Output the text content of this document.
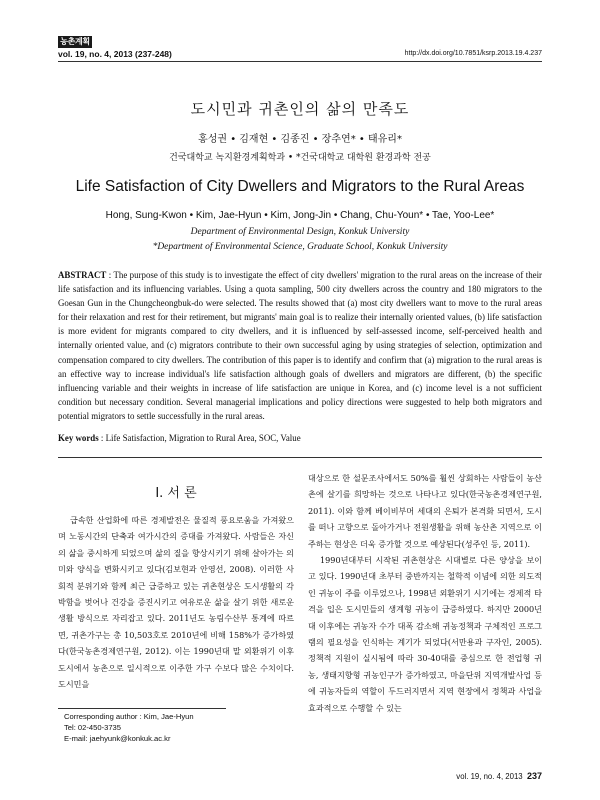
농촌계획
vol. 19, no. 4, 2013 (237-248)	http://dx.doi.org/10.7851/ksrp.2013.19.4.237
도시민과 귀촌인의 삶의 만족도
홍성권 • 김재현 • 김종진 • 장추연* • 태유리*
건국대학교 녹지환경계획학과 • *건국대학교 대학원 환경과학 전공
Life Satisfaction of City Dwellers and Migrators to the Rural Areas
Hong, Sung-Kwon • Kim, Jae-Hyun • Kim, Jong-Jin • Chang, Chu-Youn* • Tae, Yoo-Lee*
Department of Environmental Design, Konkuk University
*Department of Environmental Science, Graduate School, Konkuk University
ABSTRACT : The purpose of this study is to investigate the effect of city dwellers' migration to the rural areas on the increase of their life satisfaction and its influencing variables. Using a quota sampling, 500 city dwellers across the country and 180 migrators to the Goesan Gun in the Chungcheongbuk-do were selected. The results showed that (a) most city dwellers want to move to the rural areas for their relaxation and rest for their retirement, but migrants' main goal is to realize their internally oriented values, (b) life satisfaction is more evident for migrants compared to city dwellers, and it is influenced by self-assessed income, self-perceived health and internally oriented value, and (c) migrators contribute to their own successful aging by using strategies of selection, optimization and compensation compared to city dwellers. The contribution of this paper is to identify and confirm that (a) migration to the rural areas is an effective way to increase individual's life satisfaction although goals of dwellers and migrators are different, (b) the specific influencing variable and their weights in increase of life satisfaction are unique in Korea, and (c) income level is a not sufficient condition but necessary condition. Several managerial implications and policy directions were suggested to help both migrators and potential migrators to settle successfully in the rural areas.
Key words : Life Satisfaction, Migration to Rural Area, SOC, Value
I. 서 론

급속한 산업화에 따른 경제발전은 물질적 풍요로움을 가져왔으며 노동시간의 단축과 여가시간의 증대를 가져왔다. 사람들은 자신의 삶을 중시하게 되었으며 삶의 질을 향상시키기 위해 살아가는 의미와 양식을 변화시키고 있다(김보현과 안영선, 2008). 이러한 사회적 분위기와 함께 최근 급증하고 있는 귀촌현상은 도시생활의 각박함을 벗어나 건강을 증진시키고 여유로운 삶을 살기 위한 새로운 생활 방식으로 자리잡고 있다. 2011년도 농림수산부 통계에 따르면, 귀촌가구는 총 10,503호로 2010년에 비해 158%가 증가하였다(한국농촌경제연구원, 2012). 이는 1990년대 말 외환위기 이후 도시에서 농촌으로 일시적으로 이주한 가구 수보다 많은 수치이다. 도시민을

대상으로 한 설문조사에서도 50%를 훨씬 상회하는 사람들이 농산촌에 살기를 희망하는 것으로 나타나고 있다(한국농촌경제연구원, 2011). 이와 함께 베이비부머 세대의 은퇴가 본격화 되면서, 도시를 떠나 고향으로 돌아가거나 전원생활을 위해 농산촌 지역으로 이주하는 현상은 더욱 증가할 것으로 예상된다(성주인 등, 2011).

1990년대부터 시작된 귀촌현상은 시대별로 다른 양상을 보이고 있다. 1990년대 초부터 중반까지는 철학적 이념에 의한 의도적인 귀농이 주를 이루었으나, 1998년 외환위기 시기에는 경제적 타격을 입은 도시민들의 생계형 귀농이 급증하였다. 하지만 2000년대 이후에는 귀농자 수가 대폭 감소해 귀농정책과 구체적인 프로그램의 필요성을 인식하는 계기가 되었다(서만용과 구자인, 2005). 정책적 지원이 실시됨에 따라 30-40대를 중심으로 한 전업형 귀농, 생태지향형 귀농인구가 증가하였고, 마을단위 지역개발사업 등에 귀농자들의 역할이 두드러지면서 지역 현장에서 정책과 사업을 효과적으로 수행할 수 있는

Corresponding author : Kim, Jae-Hyun
Tel: 02-450-3735
E-mail: jaehyunk@konkuk.ac.kr
vol. 19, no. 4, 2013 237
